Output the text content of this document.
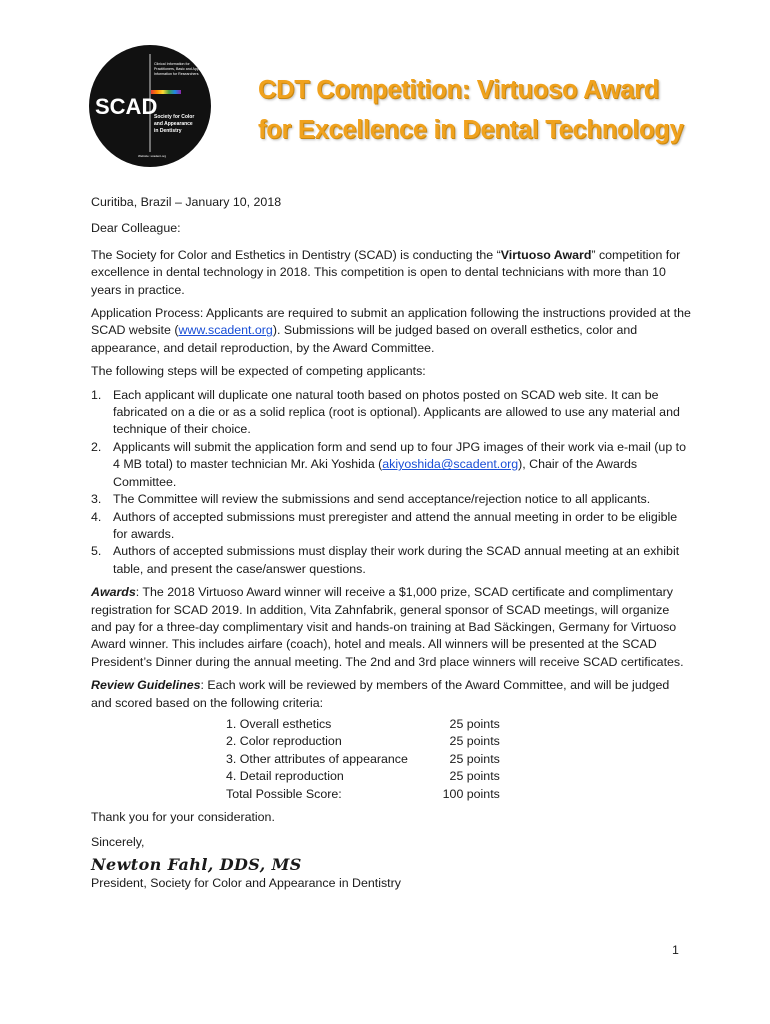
Clinical Information for
Practitioners, Basic and Applied
Information for Researchers
SCAD
Society for Color
and Appearance
in Dentistry
Website: scadent.org
CDT Competition: Virtuoso Award
for Excellence in Dental Technology

Curitiba, Brazil – January 10, 2018

Dear Colleague:

The Society for Color and Esthetics in Dentistry (SCAD) is conducting the “Virtuoso Award” competition for excellence in dental technology in 2018. This competition is open to dental technicians with more than 10 years in practice.

Application Process: Applicants are required to submit an application following the instructions provided at the SCAD website (www.scadent.org). Submissions will be judged based on overall esthetics, color and appearance, and detail reproduction, by the Award Committee.

The following steps will be expected of competing applicants:

1. Each applicant will duplicate one natural tooth based on photos posted on SCAD web site. It can be fabricated on a die or as a solid replica (root is optional). Applicants are allowed to use any material and technique of their choice.
2. Applicants will submit the application form and send up to four JPG images of their work via e-mail (up to 4 MB total) to master technician Mr. Aki Yoshida (akiyoshida@scadent.org), Chair of the Awards Committee.
3. The Committee will review the submissions and send acceptance/rejection notice to all applicants.
4. Authors of accepted submissions must preregister and attend the annual meeting in order to be eligible for awards.
5. Authors of accepted submissions must display their work during the SCAD annual meeting at an exhibit table, and present the case/answer questions.

Awards: The 2018 Virtuoso Award winner will receive a $1,000 prize, SCAD certificate and complimentary registration for SCAD 2019. In addition, Vita Zahnfabrik, general sponsor of SCAD meetings, will organize and pay for a three-day complimentary visit and hands-on training at Bad Säckingen, Germany for Virtuoso Award winner. This includes airfare (coach), hotel and meals. All winners will be presented at the SCAD President’s Dinner during the annual meeting. The 2nd and 3rd place winners will receive SCAD certificates.

Review Guidelines: Each work will be reviewed by members of the Award Committee, and will be judged and scored based on the following criteria:

1. Overall esthetics	25 points
2. Color reproduction	25 points
3. Other attributes of appearance	25 points
4. Detail reproduction	25 points
Total Possible Score:	100 points

Thank you for your consideration.

Sincerely,

Newton Fahl, DDS, MS

President, Society for Color and Appearance in Dentistry

1
